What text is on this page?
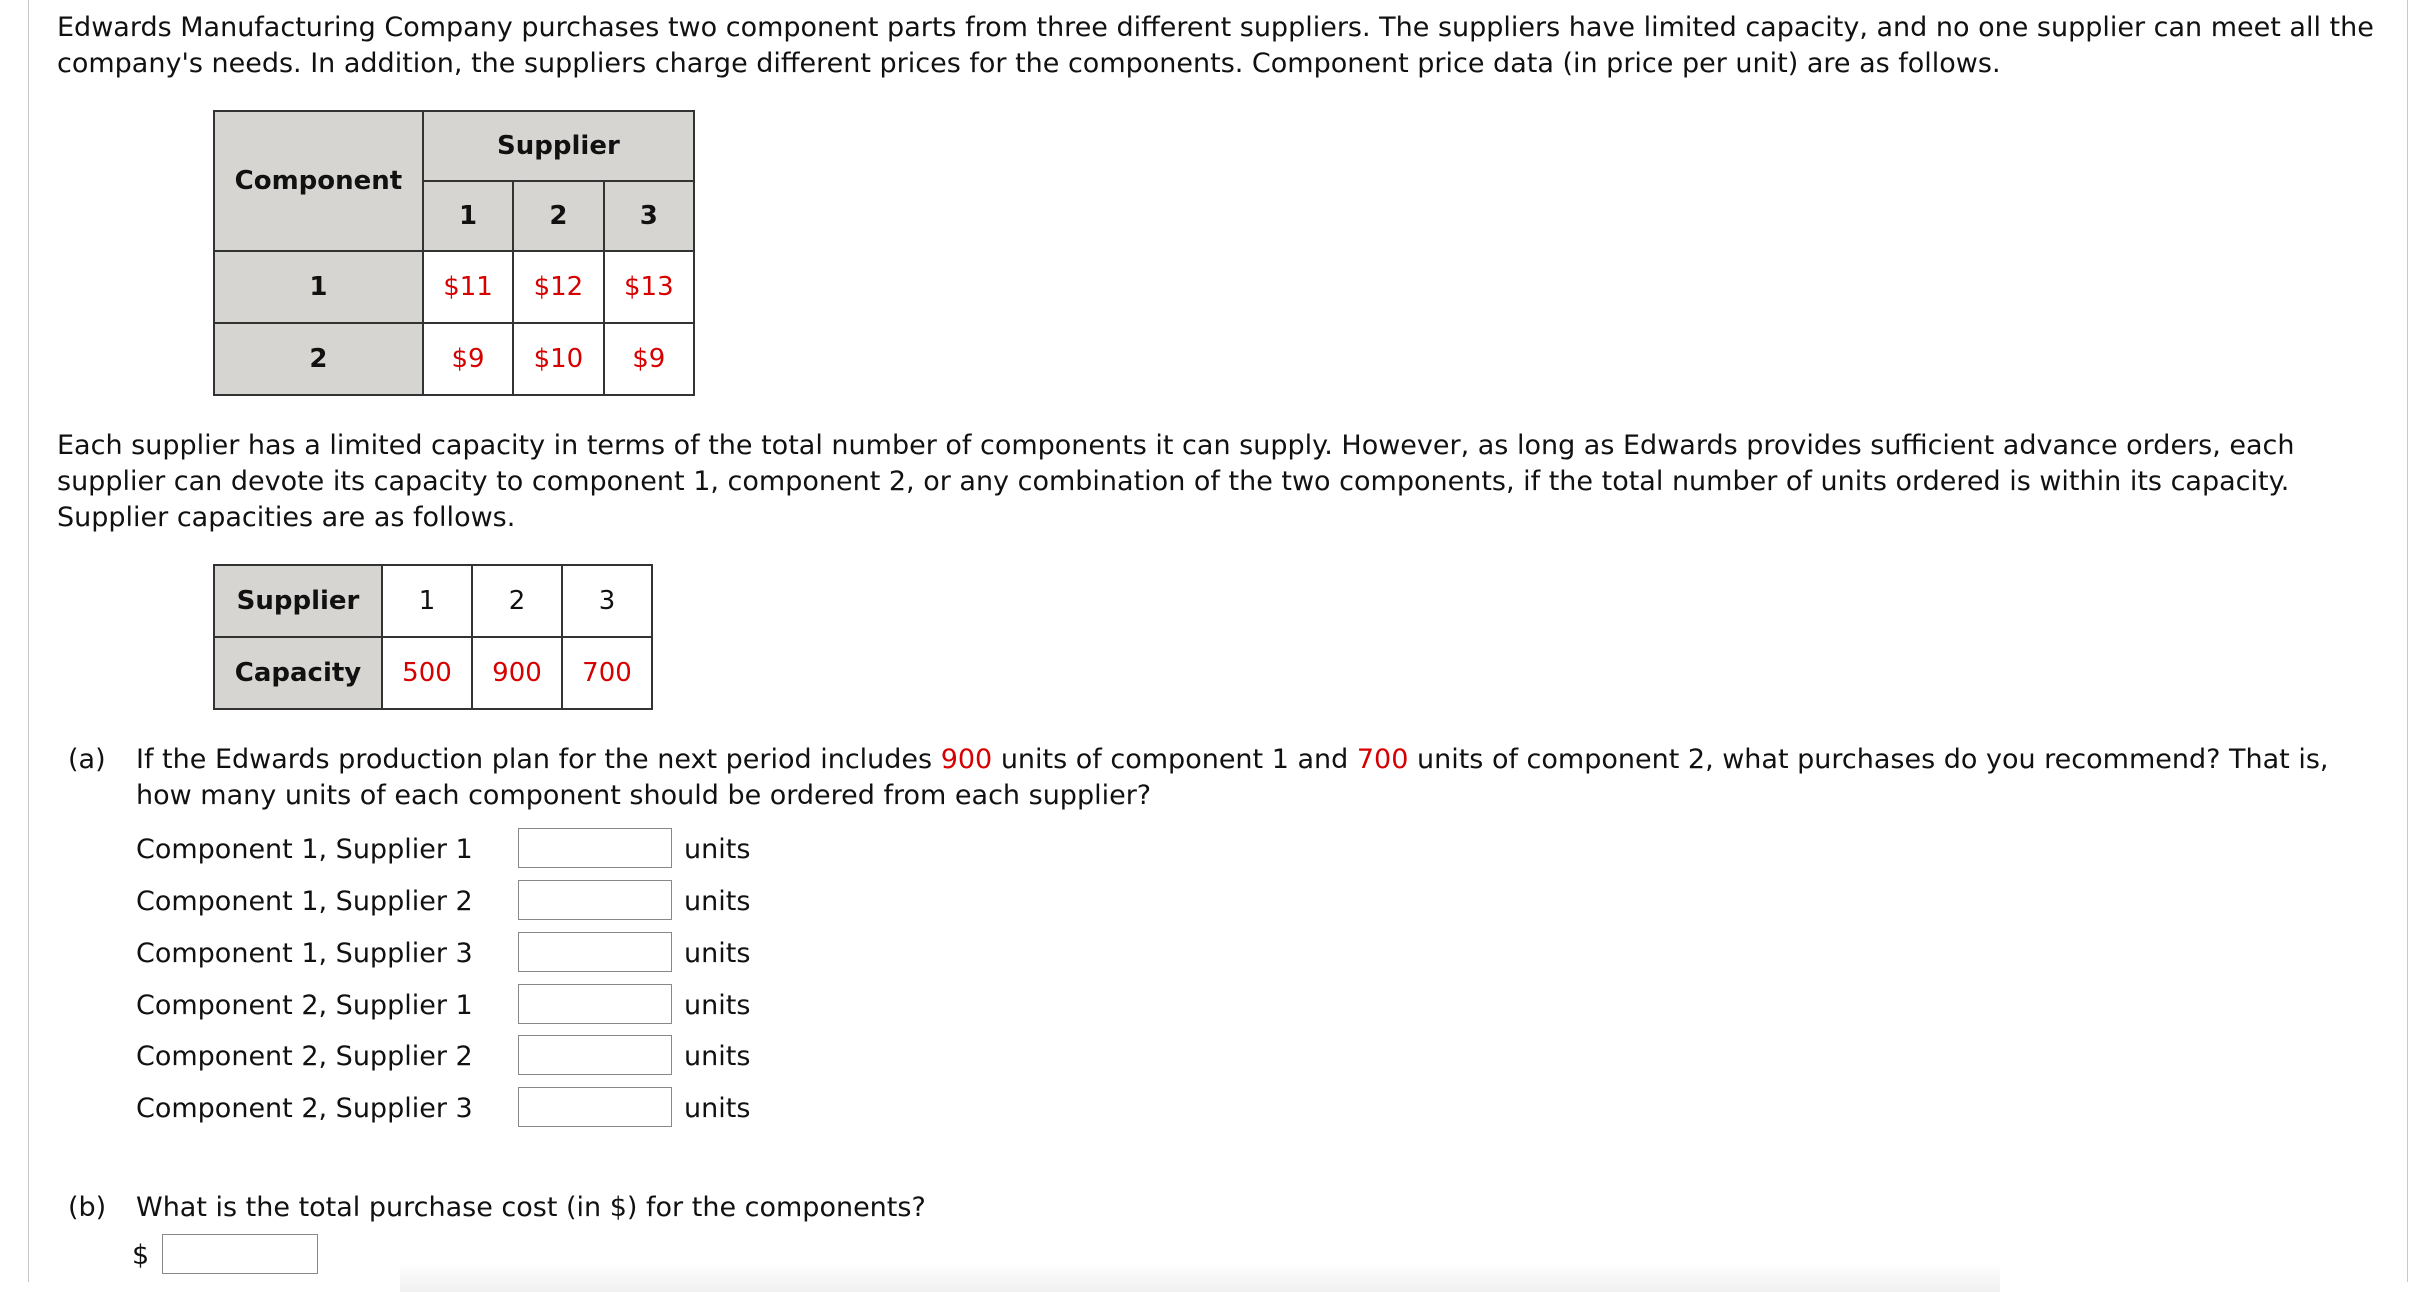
Edwards Manufacturing Company purchases two component parts from three different suppliers. The suppliers have limited capacity, and no one supplier can meet all the company's needs. In addition, the suppliers charge different prices for the components. Component price data (in price per unit) are as follows.

Component	Supplier		
	1	2	3
1	$11	$12	$13
2	$9	$10	$9

Each supplier has a limited capacity in terms of the total number of components it can supply. However, as long as Edwards provides sufficient advance orders, each supplier can devote its capacity to component 1, component 2, or any combination of the two components, if the total number of units ordered is within its capacity. Supplier capacities are as follows.

Supplier	1	2	3
Capacity	500	900	700
(a) If the Edwards production plan for the next period includes 900 units of component 1 and 700 units of component 2, what purchases do you recommend? That is, how many units of each component should be ordered from each supplier?
Component 1, Supplier 1	units
Component 1, Supplier 2	units
Component 1, Supplier 3	units
Component 2, Supplier 1	units
Component 2, Supplier 2	units
Component 2, Supplier 3	units
(b) What is the total purchase cost (in $) for the components?
$
